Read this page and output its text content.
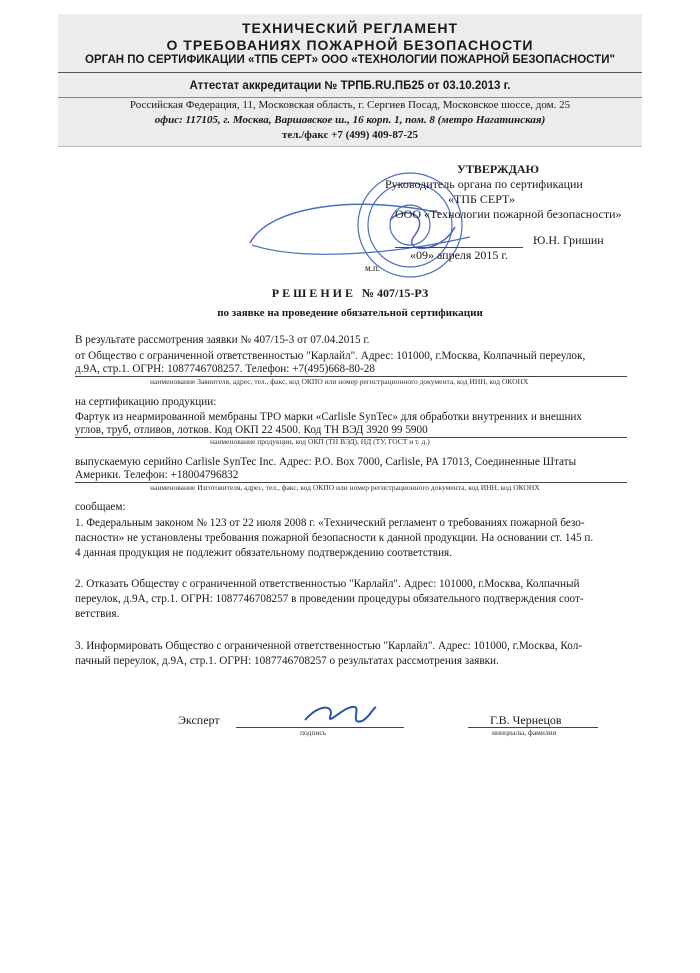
ТЕХНИЧЕСКИЙ РЕГЛАМЕНТ
О ТРЕБОВАНИЯХ ПОЖАРНОЙ БЕЗОПАСНОСТИ
ОРГАН ПО СЕРТИФИКАЦИИ «ТПБ СЕРТ» ООО «ТЕХНОЛОГИИ ПОЖАРНОЙ БЕЗОПАСНОСТИ"
Аттестат аккредитации № ТРПБ.RU.ПБ25 от 03.10.2013 г.
Российская Федерация, 11, Московская область, г. Сергиев Посад, Московское шоссе, дом. 25
офис: 117105, г. Москва, Варшавское ш., 16 корп. 1, пом. 8 (метро Нагатинская)
тел./факс +7 (499) 409-87-25
УТВЕРЖДАЮ
Руководитель органа по сертификации
«ТПБ СЕРТ»
ООО «Технологии пожарной безопасности»
Ю.Н. Гришин
«09» апреля 2015 г.
м.п.
Р Е Ш Е Н И Е   № 407/15-РЗ
по заявке на проведение обязательной сертификации
В результате рассмотрения заявки № 407/15-3 от 07.04.2015 г.
от Общество с ограниченной ответственностью "Карлайл". Адрес: 101000, г.Москва, Колпачный переулок,
д.9А, стр.1. ОГРН: 1087746708257. Телефон: +7(495)668-80-28
наименование Заявителя, адрес, тел., факс, код ОКПО или номер регистрационного документа, код ИНН, код ОКОНХ
на сертификацию продукции:
Фартук из неармированной мембраны ТРО марки «Carlisle SynTec» для обработки внутренних и внешних
углов, труб, отливов, лотков. Код ОКП 22 4500. Код ТН ВЭД 3920 99 5900
наименование продукции, код ОКП (ТН ВЭД), НД (ТУ, ГОСТ и т. д.)
выпускаемую серийно Carlisle SynTec Inc. Адрес: P.O. Box 7000, Carlisle, PA 17013, Соединенные Штаты
Америки. Телефон: +18004796832
наименование Изготовителя, адрес, тел., факс, код ОКПО или номер регистрационного документа, код ИНН, код ОКОНХ
сообщаем:
1. Федеральным законом № 123 от 22 июля 2008 г. «Технический регламент о требованиях пожарной безо-
пасности» не установлены требования пожарной безопасности к данной продукции. На основании ст. 145 п.
4 данная продукция не подлежит обязательному подтверждению соответствия.
2. Отказать Обществу с ограниченной ответственностью "Карлайл". Адрес: 101000, г.Москва, Колпачный
переулок, д.9А, стр.1. ОГРН: 1087746708257 в проведении процедуры обязательного подтверждения соот-
ветствия.
3. Информировать Общество с ограниченной ответственностью "Карлайл". Адрес: 101000, г.Москва, Кол-
пачный переулок, д.9А, стр.1. ОГРН: 1087746708257 о результатах рассмотрения заявки.
Эксперт
подпись
Г.В. Чернецов
инициалы, фамилия
